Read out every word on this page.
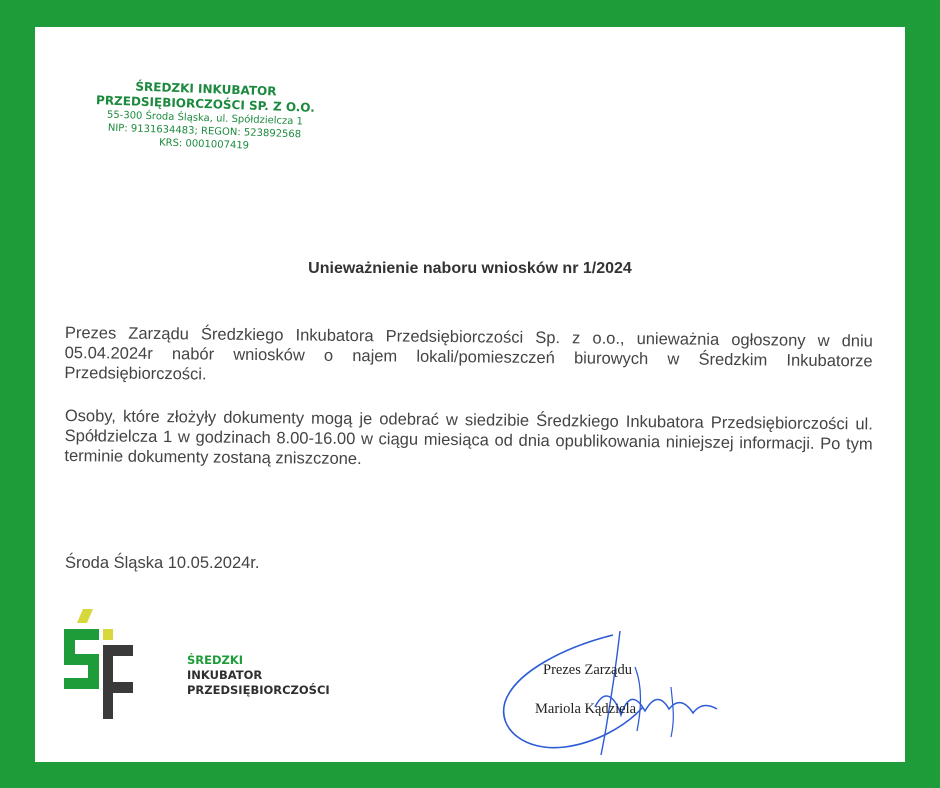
ŚREDZKI INKUBATOR
PRZEDSIĘBIORCZOŚCI SP. Z O.O.
55-300 Środa Śląska, ul. Spółdzielcza 1
NIP: 9131634483; REGON: 523892568
KRS: 0001007419
Unieważnienie naboru wniosków nr 1/2024
Prezes Zarządu Średzkiego Inkubatora Przedsiębiorczości Sp. z o.o., unieważnia ogłoszony w dniu 05.04.2024r nabór wniosków o najem lokali/pomieszczeń biurowych w Średzkim Inkubatorze Przedsiębiorczości.
Osoby, które złożyły dokumenty mogą je odebrać w siedzibie Średzkiego Inkubatora Przedsiębiorczości ul. Spółdzielcza 1 w godzinach 8.00-16.00 w ciągu miesiąca od dnia opublikowania niniejszej informacji. Po tym terminie dokumenty zostaną zniszczone.
Środa Śląska 10.05.2024r.
ŚREDZKI
INKUBATOR
PRZEDSIĘBIORCZOŚCI
Prezes Zarządu
Mariola Kądziela
